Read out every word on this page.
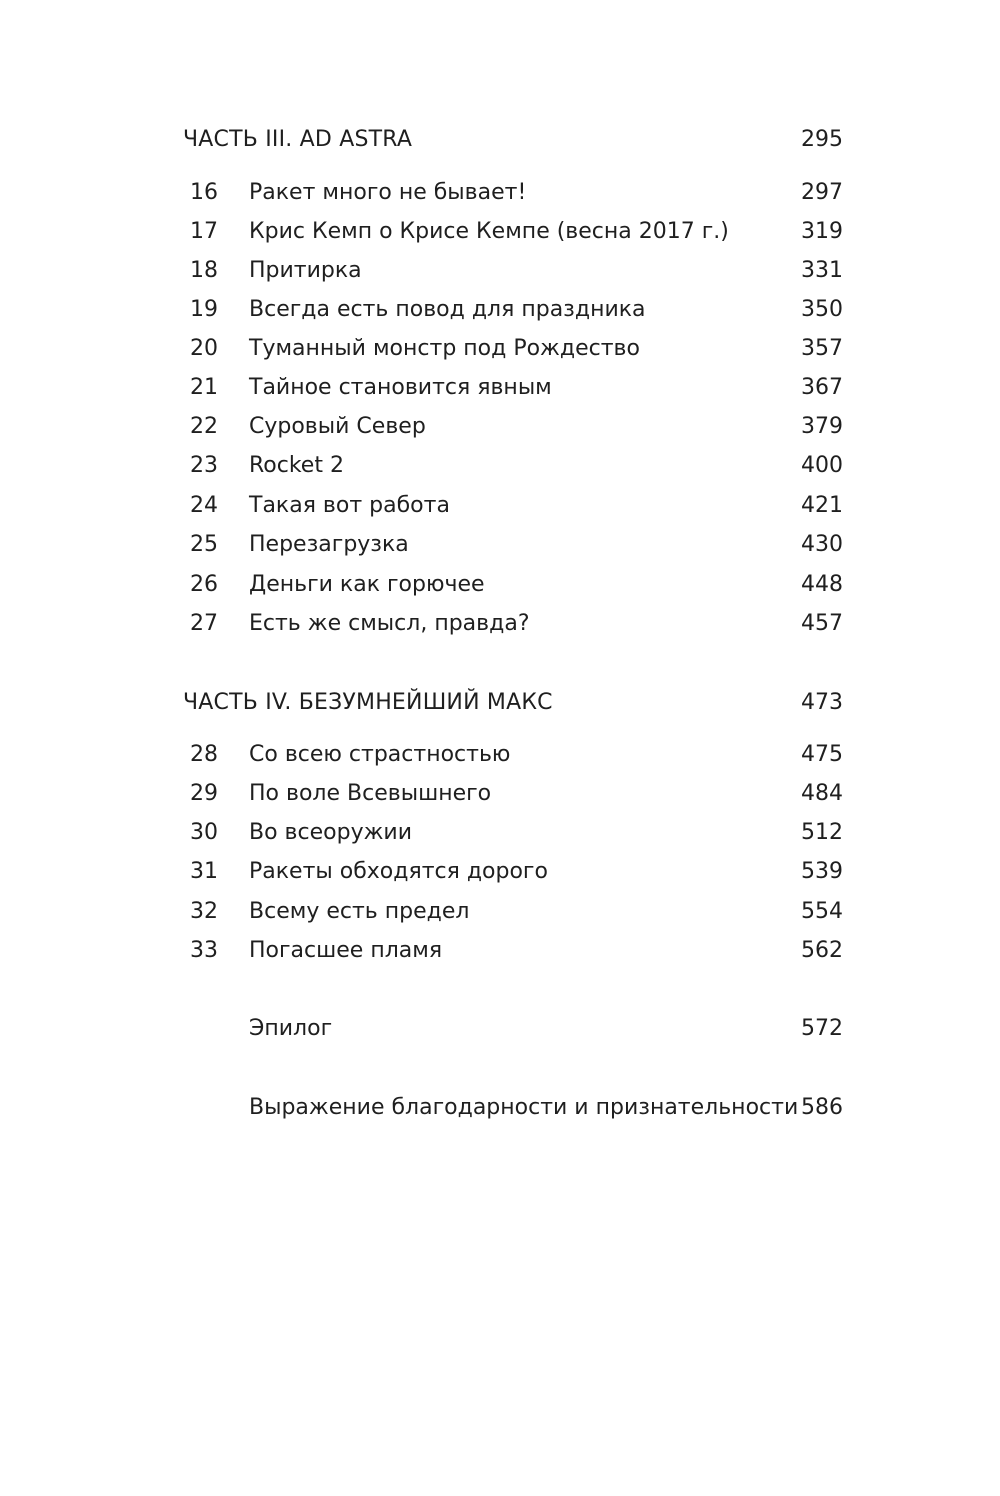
ЧАСТЬ III. AD ASTRA	295
16 Ракет много не бывает!	297
17 Крис Кемп о Крисе Кемпе (весна 2017 г.)	319
18 Притирка	331
19 Всегда есть повод для праздника	350
20 Туманный монстр под Рождество	357
21 Тайное становится явным	367
22 Суровый Север	379
23 Rocket 2	400
24 Такая вот работа	421
25 Перезагрузка	430
26 Деньги как горючее	448
27 Есть же смысл, правда?	457
ЧАСТЬ IV. БЕЗУМНЕЙШИЙ МАКС	473
28 Со всею страстностью	475
29 По воле Всевышнего	484
30 Во всеоружии	512
31 Ракеты обходятся дорого	539
32 Всему есть предел	554
33 Погасшее пламя	562
Эпилог	572
Выражение благодарности и признательности 586
